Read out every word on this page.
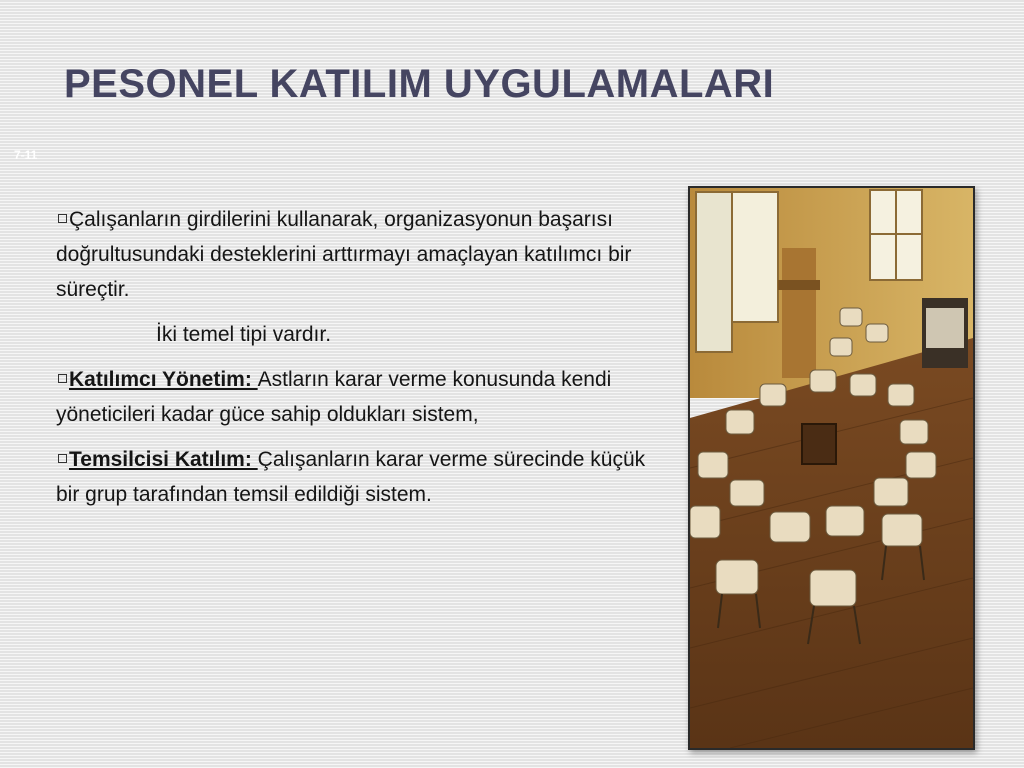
PESONEL KATILIM UYGULAMALARI
7-11

Çalışanların girdilerini kullanarak, organizasyonun başarısı doğrultusundaki desteklerini arttırmayı amaçlayan katılımcı bir süreçtir.

İki temel tipi vardır.

Katılımcı Yönetim: Astların karar verme konusunda kendi yöneticileri kadar güce sahip oldukları sistem,

Temsilcisi Katılım: Çalışanların karar verme sürecinde küçük bir grup tarafından temsil edildiği sistem.
